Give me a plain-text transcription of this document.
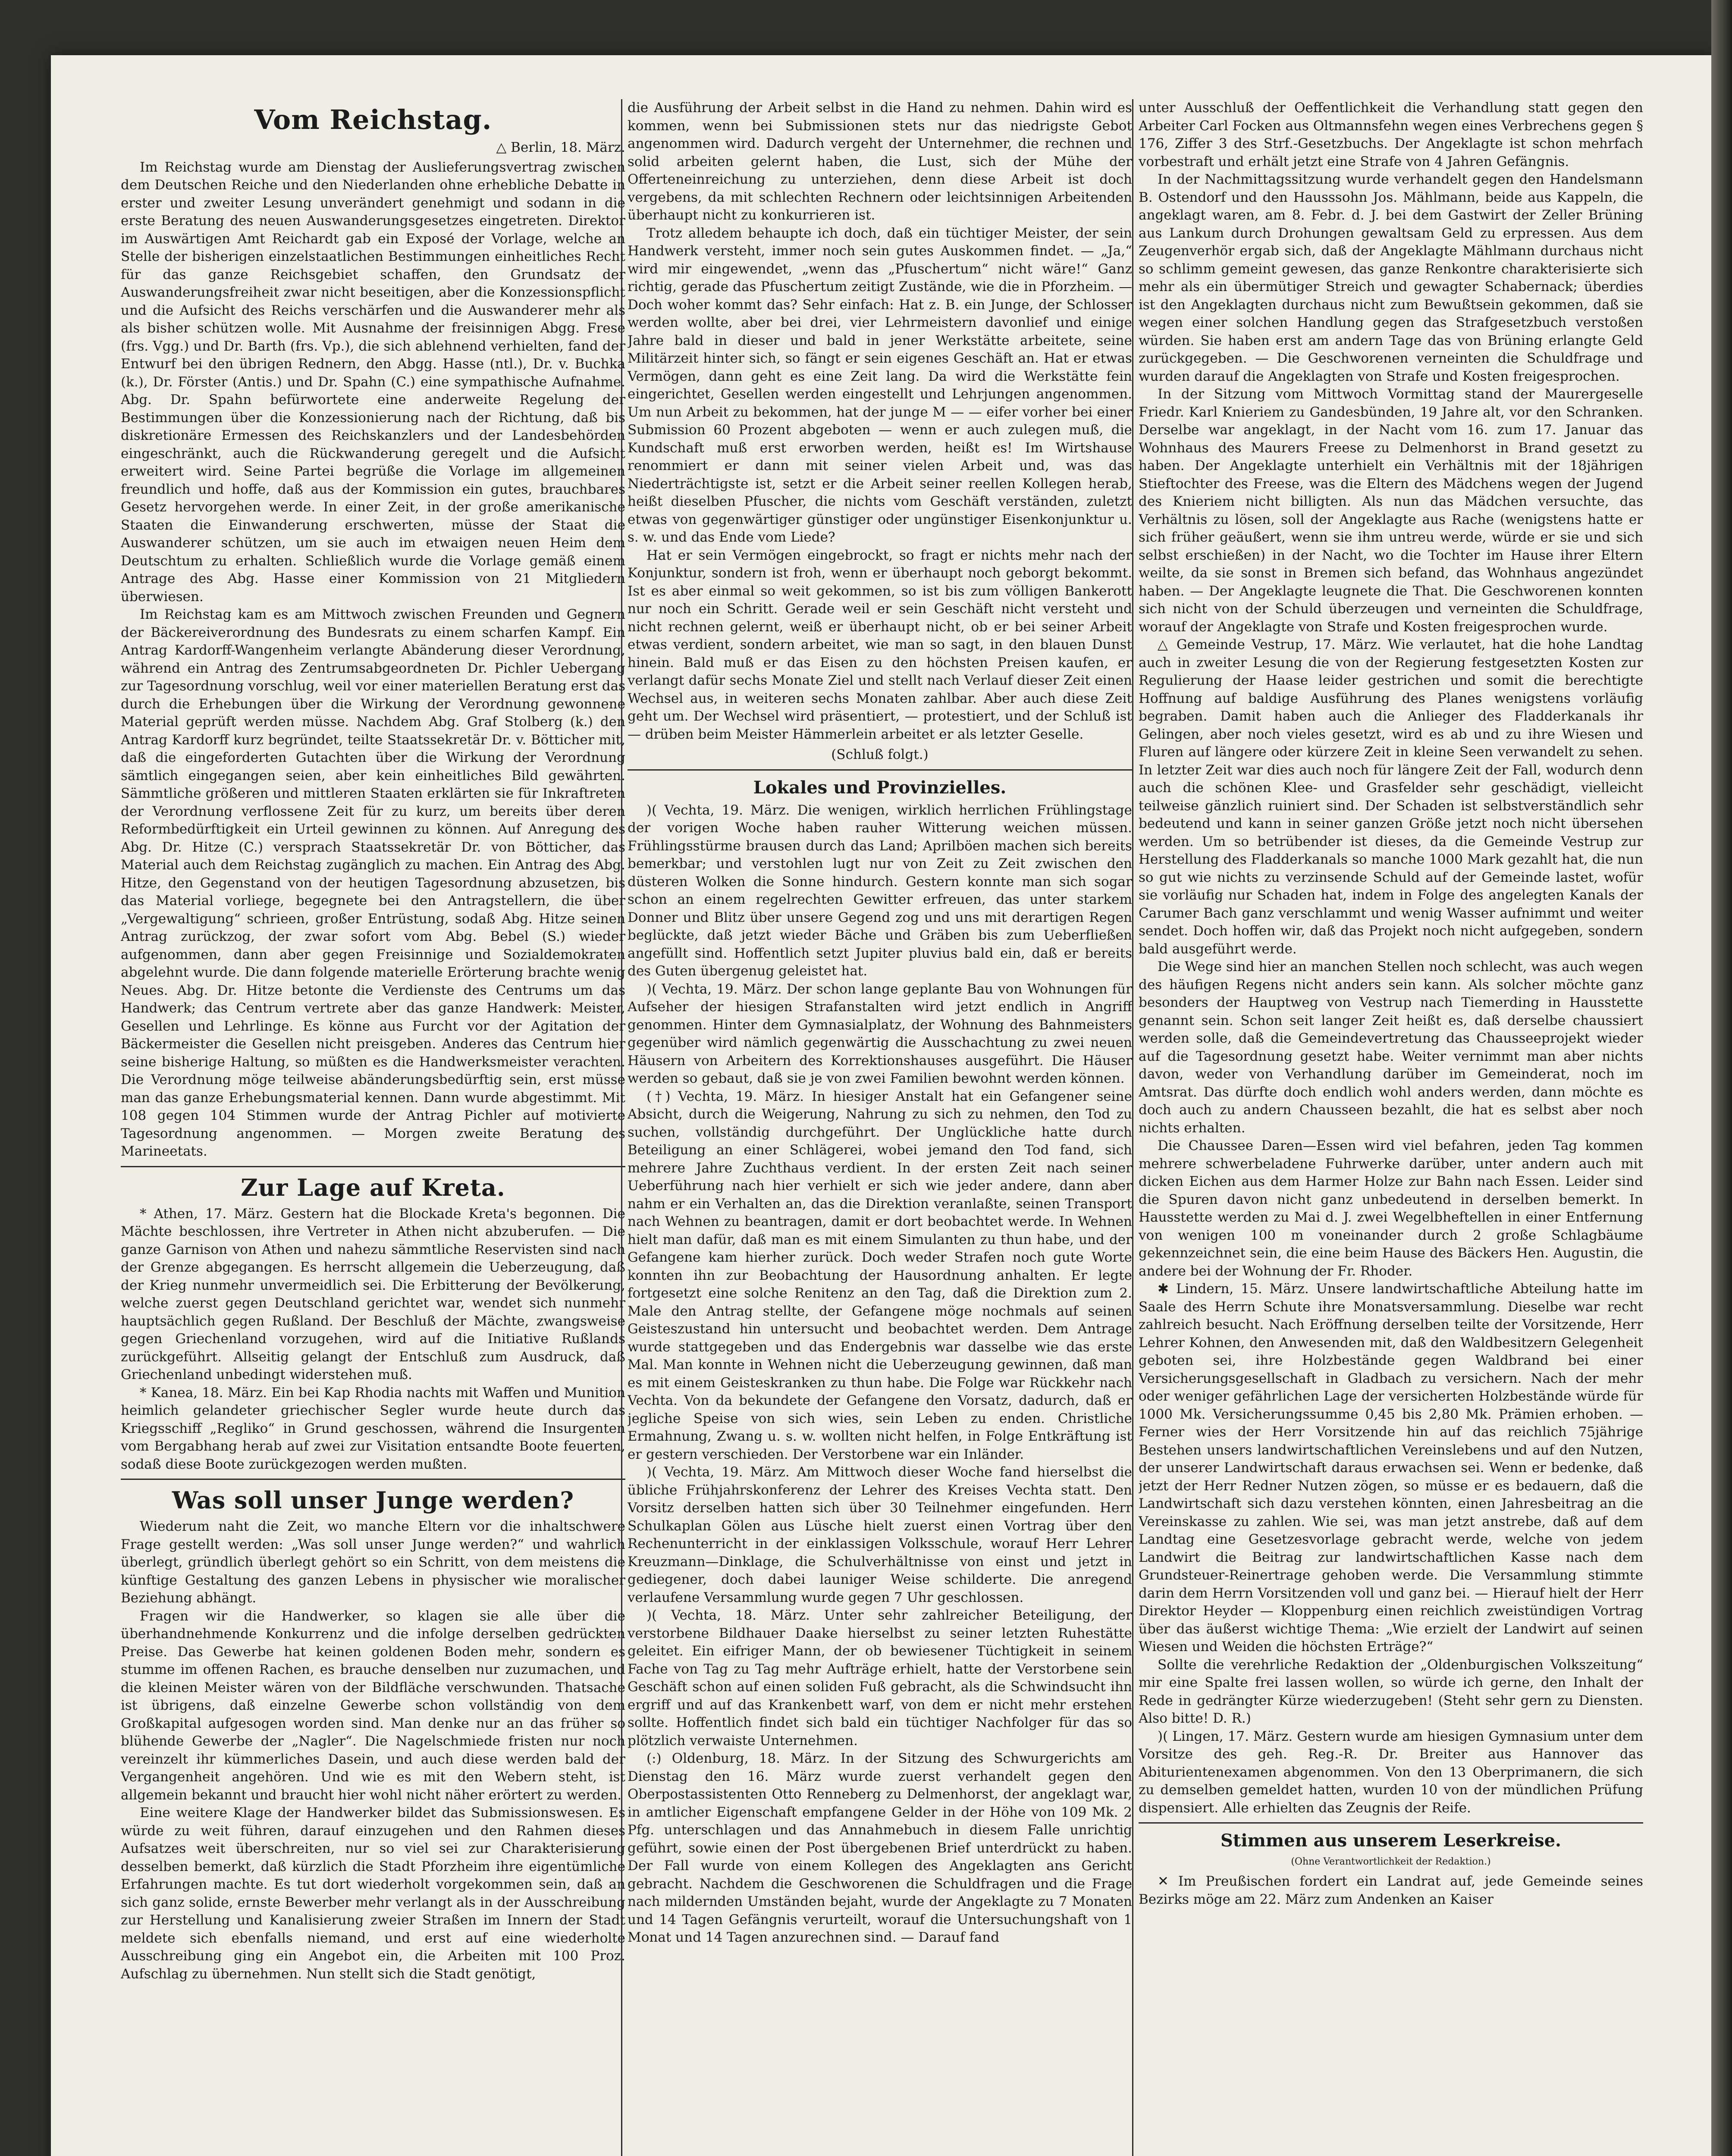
Vom Reichstag.
△ Berlin, 18. März.

Im Reichstag wurde am Dienstag der Auslieferungsvertrag zwischen dem Deutschen Reiche und den Niederlanden ohne erhebliche Debatte in erster und zweiter Lesung unverändert genehmigt und sodann in die erste Beratung des neuen Auswanderungsgesetzes eingetreten. Direktor im Auswärtigen Amt Reichardt gab ein Exposé der Vorlage, welche an Stelle der bisherigen einzelstaatlichen Bestimmungen einheitliches Recht für das ganze Reichsgebiet schaffen, den Grundsatz der Auswanderungsfreiheit zwar nicht beseitigen, aber die Konzessionspflicht und die Aufsicht des Reichs verschärfen und die Auswanderer mehr als als bisher schützen wolle. Mit Ausnahme der freisinnigen Abgg. Frese (frs. Vgg.) und Dr. Barth (frs. Vp.), die sich ablehnend verhielten, fand der Entwurf bei den übrigen Rednern, den Abgg. Hasse (ntl.), Dr. v. Buchka (k.), Dr. Förster (Antis.) und Dr. Spahn (C.) eine sympathische Aufnahme. Abg. Dr. Spahn befürwortete eine anderweite Regelung der Bestimmungen über die Konzessionierung nach der Richtung, daß bis diskretionäre Ermessen des Reichskanzlers und der Landesbehörden eingeschränkt, auch die Rückwanderung geregelt und die Aufsicht erweitert wird. Seine Partei begrüße die Vorlage im allgemeinen freundlich und hoffe, daß aus der Kommission ein gutes, brauchbares Gesetz hervorgehen werde. In einer Zeit, in der große amerikanische Staaten die Einwanderung erschwerten, müsse der Staat die Auswanderer schützen, um sie auch im etwaigen neuen Heim dem Deutschtum zu erhalten. Schließlich wurde die Vorlage gemäß einem Antrage des Abg. Hasse einer Kommission von 21 Mitgliedern überwiesen.

Im Reichstag kam es am Mittwoch zwischen Freunden und Gegnern der Bäckereiverordnung des Bundesrats zu einem scharfen Kampf. Ein Antrag Kardorff-Wangenheim verlangte Abänderung dieser Verordnung, während ein Antrag des Zentrumsabgeordneten Dr. Pichler Uebergang zur Tagesordnung vorschlug, weil vor einer materiellen Beratung erst das durch die Erhebungen über die Wirkung der Verordnung gewonnene Material geprüft werden müsse. Nachdem Abg. Graf Stolberg (k.) den Antrag Kardorff kurz begründet, teilte Staatssekretär Dr. v. Bötticher mit, daß die eingeforderten Gutachten über die Wirkung der Verordnung sämtlich eingegangen seien, aber kein einheitliches Bild gewährten. Sämmtliche größeren und mittleren Staaten erklärten sie für Inkraftreten der Verordnung verflossene Zeit für zu kurz, um bereits über deren Reformbedürftigkeit ein Urteil gewinnen zu können. Auf Anregung des Abg. Dr. Hitze (C.) versprach Staatssekretär Dr. von Bötticher, das Material auch dem Reichstag zugänglich zu machen. Ein Antrag des Abg. Hitze, den Gegenstand von der heutigen Tagesordnung abzusetzen, bis das Material vorliege, begegnete bei den Antragstellern, die über „Vergewaltigung“ schrieen, großer Entrüstung, sodaß Abg. Hitze seinen Antrag zurückzog, der zwar sofort vom Abg. Bebel (S.) wieder aufgenommen, dann aber gegen Freisinnige und Sozialdemokraten abgelehnt wurde. Die dann folgende materielle Erörterung brachte wenig Neues. Abg. Dr. Hitze betonte die Verdienste des Centrums um das Handwerk; das Centrum vertrete aber das ganze Handwerk: Meister, Gesellen und Lehrlinge. Es könne aus Furcht vor der Agitation der Bäckermeister die Gesellen nicht preisgeben. Anderes das Centrum hier seine bisherige Haltung, so müßten es die Handwerksmeister verachten. Die Verordnung möge teilweise abänderungsbedürftig sein, erst müsse man das ganze Erhebungsmaterial kennen. Dann wurde abgestimmt. Mit 108 gegen 104 Stimmen wurde der Antrag Pichler auf motivierte Tagesordnung angenommen. — Morgen zweite Beratung des Marineetats.

Zur Lage auf Kreta.

* Athen, 17. März. Gestern hat die Blockade Kreta's begonnen. Die Mächte beschlossen, ihre Vertreter in Athen nicht abzuberufen. — Die ganze Garnison von Athen und nahezu sämmtliche Reservisten sind nach der Grenze abgegangen. Es herrscht allgemein die Ueberzeugung, daß der Krieg nunmehr unvermeidlich sei. Die Erbitterung der Bevölkerung, welche zuerst gegen Deutschland gerichtet war, wendet sich nunmehr hauptsächlich gegen Rußland. Der Beschluß der Mächte, zwangsweise gegen Griechenland vorzugehen, wird auf die Initiative Rußlands zurückgeführt. Allseitig gelangt der Entschluß zum Ausdruck, daß Griechenland unbedingt widerstehen muß.

* Kanea, 18. März. Ein bei Kap Rhodia nachts mit Waffen und Munition heimlich gelandeter griechischer Segler wurde heute durch das Kriegsschiff „Regliko“ in Grund geschossen, während die Insurgenten vom Bergabhang herab auf zwei zur Visitation entsandte Boote feuerten, sodaß diese Boote zurückgezogen werden mußten.

Was soll unser Junge werden?

Wiederum naht die Zeit, wo manche Eltern vor die inhaltschwere Frage gestellt werden: „Was soll unser Junge werden?“ und wahrlich überlegt, gründlich überlegt gehört so ein Schritt, von dem meistens die künftige Gestaltung des ganzen Lebens in physischer wie moralischer Beziehung abhängt.

Fragen wir die Handwerker, so klagen sie alle über die überhandnehmende Konkurrenz und die infolge derselben gedrückten Preise. Das Gewerbe hat keinen goldenen Boden mehr, sondern es stumme im offenen Rachen, es brauche denselben nur zuzumachen, und die kleinen Meister wären von der Bildfläche verschwunden. Thatsache ist übrigens, daß einzelne Gewerbe schon vollständig von dem Großkapital aufgesogen worden sind. Man denke nur an das früher so blühende Gewerbe der „Nagler“. Die Nagelschmiede fristen nur noch vereinzelt ihr kümmerliches Dasein, und auch diese werden bald der Vergangenheit angehören. Und wie es mit den Webern steht, ist allgemein bekannt und braucht hier wohl nicht näher erörtert zu werden.

Eine weitere Klage der Handwerker bildet das Submissionswesen. Es würde zu weit führen, darauf einzugehen und den Rahmen dieses Aufsatzes weit überschreiten, nur so viel sei zur Charakterisierung desselben bemerkt, daß kürzlich die Stadt Pforzheim ihre eigentümliche Erfahrungen machte. Es tut dort wiederholt vorgekommen sein, daß an sich ganz solide, ernste Bewerber mehr verlangt als in der Ausschreibung zur Herstellung und Kanalisierung zweier Straßen im Innern der Stadt meldete sich ebenfalls niemand, und erst auf eine wiederholte Ausschreibung ging ein Angebot ein, die Arbeiten mit 100 Proz. Aufschlag zu übernehmen. Nun stellt sich die Stadt genötigt,

die Ausführung der Arbeit selbst in die Hand zu nehmen. Dahin wird es kommen, wenn bei Submissionen stets nur das niedrigste Gebot angenommen wird. Dadurch vergeht der Unternehmer, die rechnen und solid arbeiten gelernt haben, die Lust, sich der Mühe der Offerteneinreichung zu unterziehen, denn diese Arbeit ist doch vergebens, da mit schlechten Rechnern oder leichtsinnigen Arbeitenden überhaupt nicht zu konkurrieren ist.

Trotz alledem behaupte ich doch, daß ein tüchtiger Meister, der sein Handwerk versteht, immer noch sein gutes Auskommen findet. — „Ja,“ wird mir eingewendet, „wenn das „Pfuschertum“ nicht wäre!“ Ganz richtig, gerade das Pfuschertum zeitigt Zustände, wie die in Pforzheim. — Doch woher kommt das? Sehr einfach: Hat z. B. ein Junge, der Schlosser werden wollte, aber bei drei, vier Lehrmeistern davonlief und einige Jahre bald in dieser und bald in jener Werkstätte arbeitete, seine Militärzeit hinter sich, so fängt er sein eigenes Geschäft an. Hat er etwas Vermögen, dann geht es eine Zeit lang. Da wird die Werkstätte fein eingerichtet, Gesellen werden eingestellt und Lehrjungen angenommen. Um nun Arbeit zu bekommen, hat der junge M — — eifer vorher bei einer Submission 60 Prozent abgeboten — wenn er auch zulegen muß, die Kundschaft muß erst erworben werden, heißt es! Im Wirtshause renommiert er dann mit seiner vielen Arbeit und, was das Niederträchtigste ist, setzt er die Arbeit seiner reellen Kollegen herab, heißt dieselben Pfuscher, die nichts vom Geschäft verständen, zuletzt etwas von gegenwärtiger günstiger oder ungünstiger Eisenkonjunktur u. s. w. und das Ende vom Liede?

Hat er sein Vermögen eingebrockt, so fragt er nichts mehr nach der Konjunktur, sondern ist froh, wenn er überhaupt noch geborgt bekommt. Ist es aber einmal so weit gekommen, so ist bis zum völligen Bankerott nur noch ein Schritt. Gerade weil er sein Geschäft nicht versteht und nicht rechnen gelernt, weiß er überhaupt nicht, ob er bei seiner Arbeit etwas verdient, sondern arbeitet, wie man so sagt, in den blauen Dunst hinein. Bald muß er das Eisen zu den höchsten Preisen kaufen, er verlangt dafür sechs Monate Ziel und stellt nach Verlauf dieser Zeit einen Wechsel aus, in weiteren sechs Monaten zahlbar. Aber auch diese Zeit geht um. Der Wechsel wird präsentiert, — protestiert, und der Schluß ist — drüben beim Meister Hämmerlein arbeitet er als letzter Geselle.

(Schluß folgt.)
Lokales und Provinzielles.

)( Vechta, 19. März. Die wenigen, wirklich herrlichen Frühlingstage der vorigen Woche haben rauher Witterung weichen müssen. Frühlingsstürme brausen durch das Land; Aprilböen machen sich bereits bemerkbar; und verstohlen lugt nur von Zeit zu Zeit zwischen den düsteren Wolken die Sonne hindurch. Gestern konnte man sich sogar schon an einem regelrechten Gewitter erfreuen, das unter starkem Donner und Blitz über unsere Gegend zog und uns mit derartigen Regen beglückte, daß jetzt wieder Bäche und Gräben bis zum Ueberfließen angefüllt sind. Hoffentlich setzt Jupiter pluvius bald ein, daß er bereits des Guten übergenug geleistet hat.

)( Vechta, 19. März. Der schon lange geplante Bau von Wohnungen für Aufseher der hiesigen Strafanstalten wird jetzt endlich in Angriff genommen. Hinter dem Gymnasialplatz, der Wohnung des Bahnmeisters gegenüber wird nämlich gegenwärtig die Ausschachtung zu zwei neuen Häusern von Arbeitern des Korrektionshauses ausgeführt. Die Häuser werden so gebaut, daß sie je von zwei Familien bewohnt werden können.

(†) Vechta, 19. März. In hiesiger Anstalt hat ein Gefangener seine Absicht, durch die Weigerung, Nahrung zu sich zu nehmen, den Tod zu suchen, vollständig durchgeführt. Der Unglückliche hatte durch Beteiligung an einer Schlägerei, wobei jemand den Tod fand, sich mehrere Jahre Zuchthaus verdient. In der ersten Zeit nach seiner Ueberführung nach hier verhielt er sich wie jeder andere, dann aber nahm er ein Verhalten an, das die Direktion veranlaßte, seinen Transport nach Wehnen zu beantragen, damit er dort beobachtet werde. In Wehnen hielt man dafür, daß man es mit einem Simulanten zu thun habe, und der Gefangene kam hierher zurück. Doch weder Strafen noch gute Worte konnten ihn zur Beobachtung der Hausordnung anhalten. Er legte fortgesetzt eine solche Renitenz an den Tag, daß die Direktion zum 2. Male den Antrag stellte, der Gefangene möge nochmals auf seinen Geisteszustand hin untersucht und beobachtet werden. Dem Antrage wurde stattgegeben und das Endergebnis war dasselbe wie das erste Mal. Man konnte in Wehnen nicht die Ueberzeugung gewinnen, daß man es mit einem Geisteskranken zu thun habe. Die Folge war Rückkehr nach Vechta. Von da bekundete der Gefangene den Vorsatz, dadurch, daß er jegliche Speise von sich wies, sein Leben zu enden. Christliche Ermahnung, Zwang u. s. w. wollten nicht helfen, in Folge Entkräftung ist er gestern verschieden. Der Verstorbene war ein Inländer.

)( Vechta, 19. März. Am Mittwoch dieser Woche fand hierselbst die übliche Frühjahrskonferenz der Lehrer des Kreises Vechta statt. Den Vorsitz derselben hatten sich über 30 Teilnehmer eingefunden. Herr Schulkaplan Gölen aus Lüsche hielt zuerst einen Vortrag über den Rechenunterricht in der einklassigen Volksschule, worauf Herr Lehrer Kreuzmann—Dinklage, die Schulverhältnisse von einst und jetzt in gediegener, doch dabei launiger Weise schilderte. Die anregend verlaufene Versammlung wurde gegen 7 Uhr geschlossen.

)( Vechta, 18. März. Unter sehr zahlreicher Beteiligung, der verstorbene Bildhauer Daake hierselbst zu seiner letzten Ruhestätte geleitet. Ein eifriger Mann, der ob bewiesener Tüchtigkeit in seinem Fache von Tag zu Tag mehr Aufträge erhielt, hatte der Verstorbene sein Geschäft schon auf einen soliden Fuß gebracht, als die Schwindsucht ihn ergriff und auf das Krankenbett warf, von dem er nicht mehr erstehen sollte. Hoffentlich findet sich bald ein tüchtiger Nachfolger für das so plötzlich verwaiste Unternehmen.

(:) Oldenburg, 18. März. In der Sitzung des Schwurgerichts am Dienstag den 16. März wurde zuerst verhandelt gegen den Oberpostassistenten Otto Renneberg zu Delmenhorst, der angeklagt war, in amtlicher Eigenschaft empfangene Gelder in der Höhe von 109 Mk. 2 Pfg. unterschlagen und das Annahmebuch in diesem Falle unrichtig geführt, sowie einen der Post übergebenen Brief unterdrückt zu haben. Der Fall wurde von einem Kollegen des Angeklagten ans Gericht gebracht. Nachdem die Geschworenen die Schuldfragen und die Frage nach mildernden Umständen bejaht, wurde der Angeklagte zu 7 Monaten und 14 Tagen Gefängnis verurteilt, worauf die Untersuchungshaft von 1 Monat und 14 Tagen anzurechnen sind. — Darauf fand

unter Ausschluß der Oeffentlichkeit die Verhandlung statt gegen den Arbeiter Carl Focken aus Oltmannsfehn wegen eines Verbrechens gegen § 176, Ziffer 3 des Strf.-Gesetzbuchs. Der Angeklagte ist schon mehrfach vorbestraft und erhält jetzt eine Strafe von 4 Jahren Gefängnis.

In der Nachmittagssitzung wurde verhandelt gegen den Handelsmann B. Ostendorf und den Hausssohn Jos. Mählmann, beide aus Kappeln, die angeklagt waren, am 8. Febr. d. J. bei dem Gastwirt der Zeller Brüning aus Lankum durch Drohungen gewaltsam Geld zu erpressen. Aus dem Zeugenverhör ergab sich, daß der Angeklagte Mählmann durchaus nicht so schlimm gemeint gewesen, das ganze Renkontre charakterisierte sich mehr als ein übermütiger Streich und gewagter Schabernack; überdies ist den Angeklagten durchaus nicht zum Bewußtsein gekommen, daß sie wegen einer solchen Handlung gegen das Strafgesetzbuch verstoßen würden. Sie haben erst am andern Tage das von Brüning erlangte Geld zurückgegeben. — Die Geschworenen verneinten die Schuldfrage und wurden darauf die Angeklagten von Strafe und Kosten freigesprochen.

In der Sitzung vom Mittwoch Vormittag stand der Maurergeselle Friedr. Karl Knieriem zu Gandesbünden, 19 Jahre alt, vor den Schranken. Derselbe war angeklagt, in der Nacht vom 16. zum 17. Januar das Wohnhaus des Maurers Freese zu Delmenhorst in Brand gesetzt zu haben. Der Angeklagte unterhielt ein Verhältnis mit der 18jährigen Stieftochter des Freese, was die Eltern des Mädchens wegen der Jugend des Knieriem nicht billigten. Als nun das Mädchen versuchte, das Verhältnis zu lösen, soll der Angeklagte aus Rache (wenigstens hatte er sich früher geäußert, wenn sie ihm untreu werde, würde er sie und sich selbst erschießen) in der Nacht, wo die Tochter im Hause ihrer Eltern weilte, da sie sonst in Bremen sich befand, das Wohnhaus angezündet haben. — Der Angeklagte leugnete die That. Die Geschworenen konnten sich nicht von der Schuld überzeugen und verneinten die Schuldfrage, worauf der Angeklagte von Strafe und Kosten freigesprochen wurde.

△ Gemeinde Vestrup, 17. März. Wie verlautet, hat die hohe Landtag auch in zweiter Lesung die von der Regierung festgesetzten Kosten zur Regulierung der Haase leider gestrichen und somit die berechtigte Hoffnung auf baldige Ausführung des Planes wenigstens vorläufig begraben. Damit haben auch die Anlieger des Fladderkanals ihr Gelingen, aber noch vieles gesetzt, wird es ab und zu ihre Wiesen und Fluren auf längere oder kürzere Zeit in kleine Seen verwandelt zu sehen. In letzter Zeit war dies auch noch für längere Zeit der Fall, wodurch denn auch die schönen Klee- und Grasfelder sehr geschädigt, vielleicht teilweise gänzlich ruiniert sind. Der Schaden ist selbstverständlich sehr bedeutend und kann in seiner ganzen Größe jetzt noch nicht übersehen werden. Um so betrübender ist dieses, da die Gemeinde Vestrup zur Herstellung des Fladderkanals so manche 1000 Mark gezahlt hat, die nun so gut wie nichts zu verzinsende Schuld auf der Gemeinde lastet, wofür sie vorläufig nur Schaden hat, indem in Folge des angelegten Kanals der Carumer Bach ganz verschlammt und wenig Wasser aufnimmt und weiter sendet. Doch hoffen wir, daß das Projekt noch nicht aufgegeben, sondern bald ausgeführt werde.

Die Wege sind hier an manchen Stellen noch schlecht, was auch wegen des häufigen Regens nicht anders sein kann. Als solcher möchte ganz besonders der Hauptweg von Vestrup nach Tiemerding in Hausstette genannt sein. Schon seit langer Zeit heißt es, daß derselbe chaussiert werden solle, daß die Gemeindevertretung das Chausseeprojekt wieder auf die Tagesordnung gesetzt habe. Weiter vernimmt man aber nichts davon, weder von Verhandlung darüber im Gemeinderat, noch im Amtsrat. Das dürfte doch endlich wohl anders werden, dann möchte es doch auch zu andern Chausseen bezahlt, die hat es selbst aber noch nichts erhalten.

Die Chaussee Daren—Essen wird viel befahren, jeden Tag kommen mehrere schwerbeladene Fuhrwerke darüber, unter andern auch mit dicken Eichen aus dem Harmer Holze zur Bahn nach Essen. Leider sind die Spuren davon nicht ganz unbedeutend in derselben bemerkt. In Hausstette werden zu Mai d. J. zwei Wegelbheftellen in einer Entfernung von wenigen 100 m voneinander durch 2 große Schlagbäume gekennzeichnet sein, die eine beim Hause des Bäckers Hen. Augustin, die andere bei der Wohnung der Fr. Rhoder.

✱ Lindern, 15. März. Unsere landwirtschaftliche Abteilung hatte im Saale des Herrn Schute ihre Monatsversammlung. Dieselbe war recht zahlreich besucht. Nach Eröffnung derselben teilte der Vorsitzende, Herr Lehrer Kohnen, den Anwesenden mit, daß den Waldbesitzern Gelegenheit geboten sei, ihre Holzbestände gegen Waldbrand bei einer Versicherungsgesellschaft in Gladbach zu versichern. Nach der mehr oder weniger gefährlichen Lage der versicherten Holzbestände würde für 1000 Mk. Versicherungssumme 0,45 bis 2,80 Mk. Prämien erhoben. — Ferner wies der Herr Vorsitzende hin auf das reichlich 75jährige Bestehen unsers landwirtschaftlichen Vereinslebens und auf den Nutzen, der unserer Landwirtschaft daraus erwachsen sei. Wenn er bedenke, daß jetzt der Herr Redner Nutzen zögen, so müsse er es bedauern, daß die Landwirtschaft sich dazu verstehen könnten, einen Jahresbeitrag an die Vereinskasse zu zahlen. Wie sei, was man jetzt anstrebe, daß auf dem Landtag eine Gesetzesvorlage gebracht werde, welche von jedem Landwirt die Beitrag zur landwirtschaftlichen Kasse nach dem Grundsteuer-Reinertrage gehoben werde. Die Versammlung stimmte darin dem Herrn Vorsitzenden voll und ganz bei. — Hierauf hielt der Herr Direktor Heyder — Kloppenburg einen reichlich zweistündigen Vortrag über das äußerst wichtige Thema: „Wie erzielt der Landwirt auf seinen Wiesen und Weiden die höchsten Erträge?“

Sollte die verehrliche Redaktion der „Oldenburgischen Volkszeitung“ mir eine Spalte frei lassen wollen, so würde ich gerne, den Inhalt der Rede in gedrängter Kürze wiederzugeben! (Steht sehr gern zu Diensten. Also bitte! D. R.)

)( Lingen, 17. März. Gestern wurde am hiesigen Gymnasium unter dem Vorsitze des geh. Reg.-R. Dr. Breiter aus Hannover das Abiturientenexamen abgenommen. Von den 13 Oberprimanern, die sich zu demselben gemeldet hatten, wurden 10 von der mündlichen Prüfung dispensiert. Alle erhielten das Zeugnis der Reife.

Stimmen aus unserem Leserkreise.
(Ohne Verantwortlichkeit der Redaktion.)

✕ Im Preußischen fordert ein Landrat auf, jede Gemeinde seines Bezirks möge am 22. März zum Andenken an Kaiser
